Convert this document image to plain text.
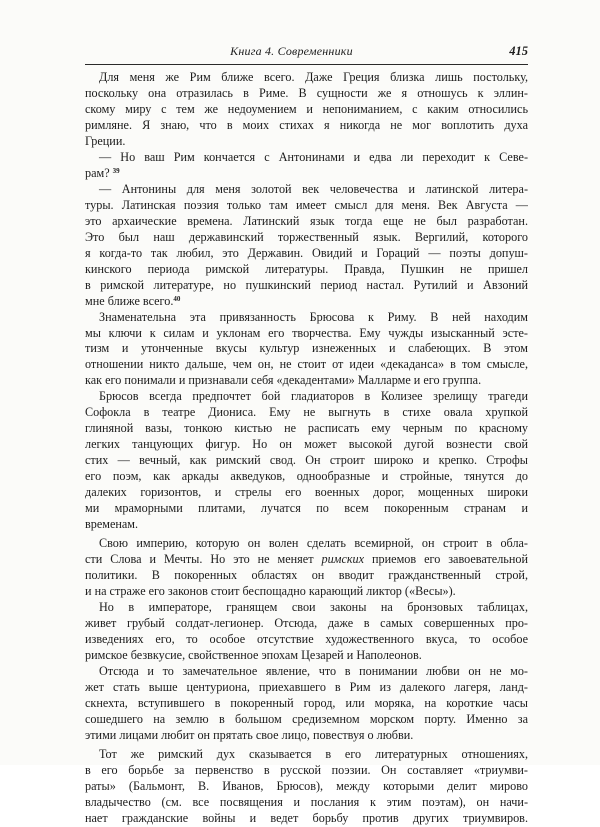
Книга 4. Современники	415
Для меня же Рим ближе всего. Даже Греция близка лишь постольку,
поскольку она отразилась в Риме. В сущности же я отношусь к эллин-
скому миру с тем же недоумением и непониманием, с каким относились
римляне. Я знаю, что в моих стихах я никогда не мог воплотить духа
Греции.
— Но ваш Рим кончается с Антонинами и едва ли переходит к Севе-
рам? $^{39}$
— Антонины для меня золотой век человечества и латинской литера-
туры. Латинская поэзия только там имеет смысл для меня. Век Августа —
это архаические времена. Латинский язык тогда еще не был разработан.
Это был наш державинский торжественный язык. Вергилий, которого
я когда-то так любил, это Державин. Овидий и Гораций — поэты допуш-
кинского периода римской литературы. Правда, Пушкин не пришел
в римской литературе, но пушкинский период настал. Рутилий и Авзоний
мне ближе всего.$^{40}$
Знаменательна эта привязанность Брюсова к Риму. В ней находим
мы ключи к силам и уклонам его творчества. Ему чужды изысканный эсте-
тизм и утонченные вкусы культур изнеженных и слабеющих. В этом
отношении никто дальше, чем он, не стоит от идеи «декаданса» в том смысле,
как его понимали и признавали себя «декадентами» Малларме и его группа.
Брюсов всегда предпочтет бой гладиаторов в Колизее зрелищу трагеди
Софокла в театре Диониса. Ему не выгнуть в стихе овала хрупкой
глиняной вазы, тонкою кистью не расписать ему черным по красному
легких танцующих фигур. Но он может высокой дугой вознести свой
стих — вечный, как римский свод. Он строит широко и крепко. Строфы
его поэм, как аркады акведуков, однообразные и стройные, тянутся до
далеких горизонтов, и стрелы его военных дорог, мощенных широки
ми мраморными плитами, лучатся по всем покоренным странам и
временам.
Свою империю, которую он волен сделать всемирной, он строит в обла-
сти Слова и Мечты. Но это не меняет римских приемов его завоевательной
политики. В покоренных областях он вводит гражданственный строй,
и на страже его законов стоит беспощадно карающий ликтор («Весы»).
Но в императоре, гранящем свои законы на бронзовых таблицах,
живет грубый солдат-легионер. Отсюда, даже в самых совершенных про-
изведениях его, то особое отсутствие художественного вкуса, то особое
римское безвкусие, свойственное эпохам Цезарей и Наполеонов.
Отсюда и то замечательное явление, что в понимании любви он не мо-
жет стать выше центуриона, приехавшего в Рим из далекого лагеря, ланд-
скнехта, вступившего в покоренный город, или моряка, на короткие часы
сошедшего на землю в большом средиземном морском порту. Именно за
этими лицами любит он прятать свое лицо, повествуя о любви.
Тот же римский дух сказывается в его литературных отношениях,
в его борьбе за первенство в русской поэзии. Он составляет «триумви-
раты» (Бальмонт, В. Иванов, Брюсов), между которыми делит мирово
владычество (см. все посвящения и послания к этим поэтам), он начи-
нает гражданские войны и ведет борьбу против других триумвиров.
